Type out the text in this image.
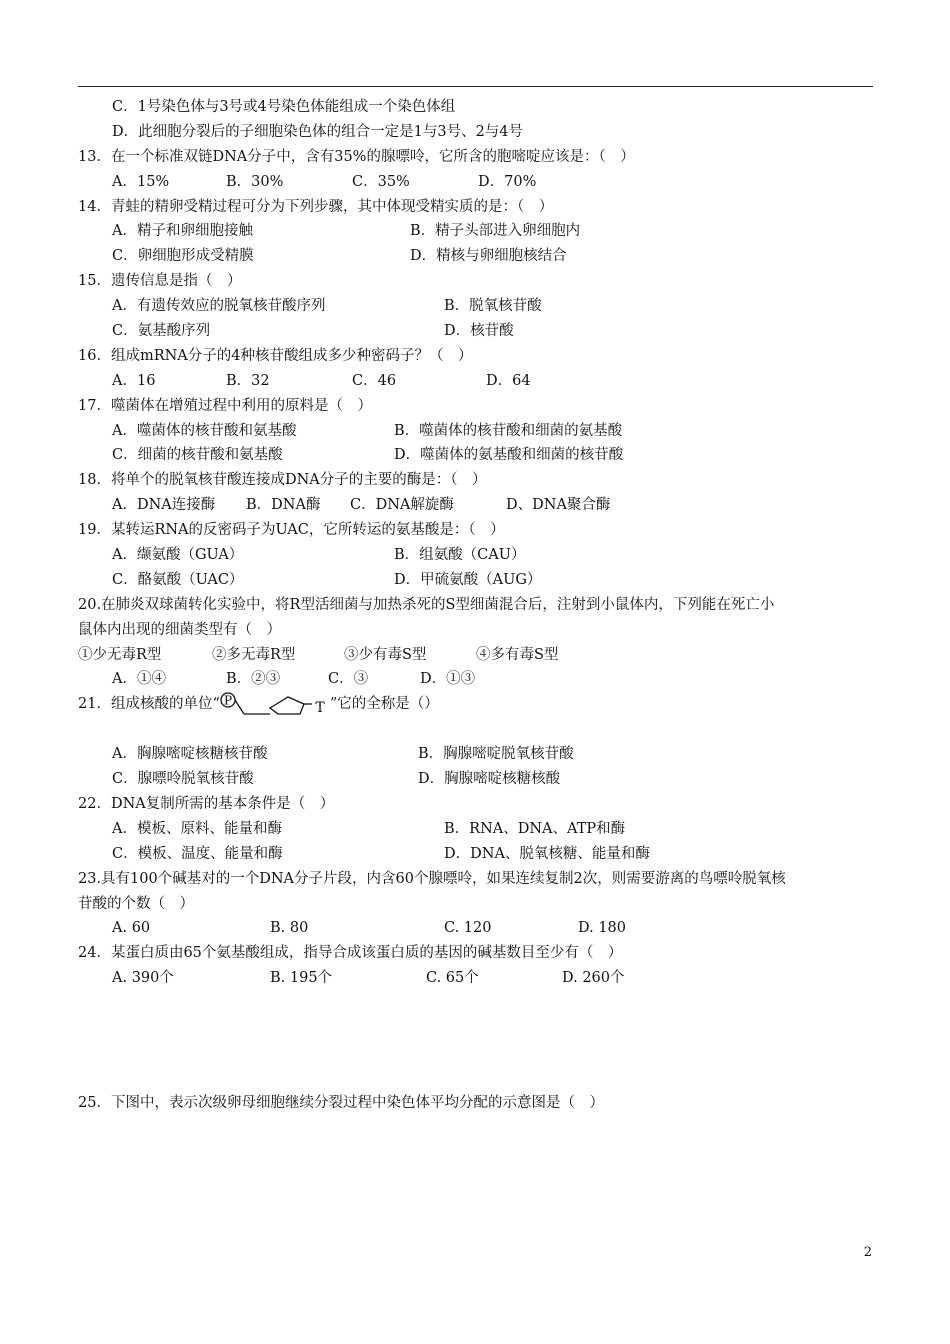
C．1号染色体与3号或4号染色体能组成一个染色体组
D．此细胞分裂后的子细胞染色体的组合一定是1与3号、2与4号
13．在一个标准双链DNA分子中，含有35%的腺嘌呤，它所含的胞嘧啶应该是：（　）
A．15%	B．30%	C．35%	D．70%
14．青蛙的精卵受精过程可分为下列步骤，其中体现受精实质的是：（　）
A．精子和卵细胞接触	B．精子头部进入卵细胞内
C．卵细胞形成受精膜	D．精核与卵细胞核结合
15．遗传信息是指（　）
A．有遗传效应的脱氧核苷酸序列	B．脱氧核苷酸
C．氨基酸序列	D．核苷酸
16．组成mRNA分子的4种核苷酸组成多少种密码子？（　）
A．16	B．32	C．46	D．64
17．噬菌体在增殖过程中利用的原料是（　）
A．噬菌体的核苷酸和氨基酸	B．噬菌体的核苷酸和细菌的氨基酸
C．细菌的核苷酸和氨基酸	D．噬菌体的氨基酸和细菌的核苷酸
18．将单个的脱氧核苷酸连接成DNA分子的主要的酶是：（　）
A．DNA连接酶 B．DNA酶 C．DNA解旋酶	D、DNA聚合酶
19．某转运RNA的反密码子为UAC，它所转运的氨基酸是：（　）
A．缬氨酸（GUA）	B．组氨酸（CAU）
C．酪氨酸（UAC）	D．甲硫氨酸（AUG）
20.在肺炎双球菌转化实验中，将R型活细菌与加热杀死的S型细菌混合后，注射到小鼠体内，下列能在死亡小
鼠体内出现的细菌类型有（　）
①少无毒R型	②多无毒R型	③少有毒S型	④多有毒S型
A．①④	B．②③	C．③	D．①③
21．组成核酸的单位“ P	T ”它的全称是（）
A．胸腺嘧啶核糖核苷酸	B．胸腺嘧啶脱氧核苷酸
C．腺嘌呤脱氧核苷酸	D．胸腺嘧啶核糖核酸
22．DNA复制所需的基本条件是（　）
A．模板、原料、能量和酶	B．RNA、DNA、ATP和酶
C．模板、温度、能量和酶	D．DNA、脱氧核糖、能量和酶
23.具有100个碱基对的一个DNA分子片段，内含60个腺嘌呤，如果连续复制2次，则需要游离的鸟嘌呤脱氧核
苷酸的个数（　）
A. 60	B. 80	C. 120	D. 180
24．某蛋白质由65个氨基酸组成，指导合成该蛋白质的基因的碱基数目至少有（　）
A. 390个	B. 195个	C. 65个	D. 260个
25．下图中，表示次级卵母细胞继续分裂过程中染色体平均分配的示意图是（　）
2
